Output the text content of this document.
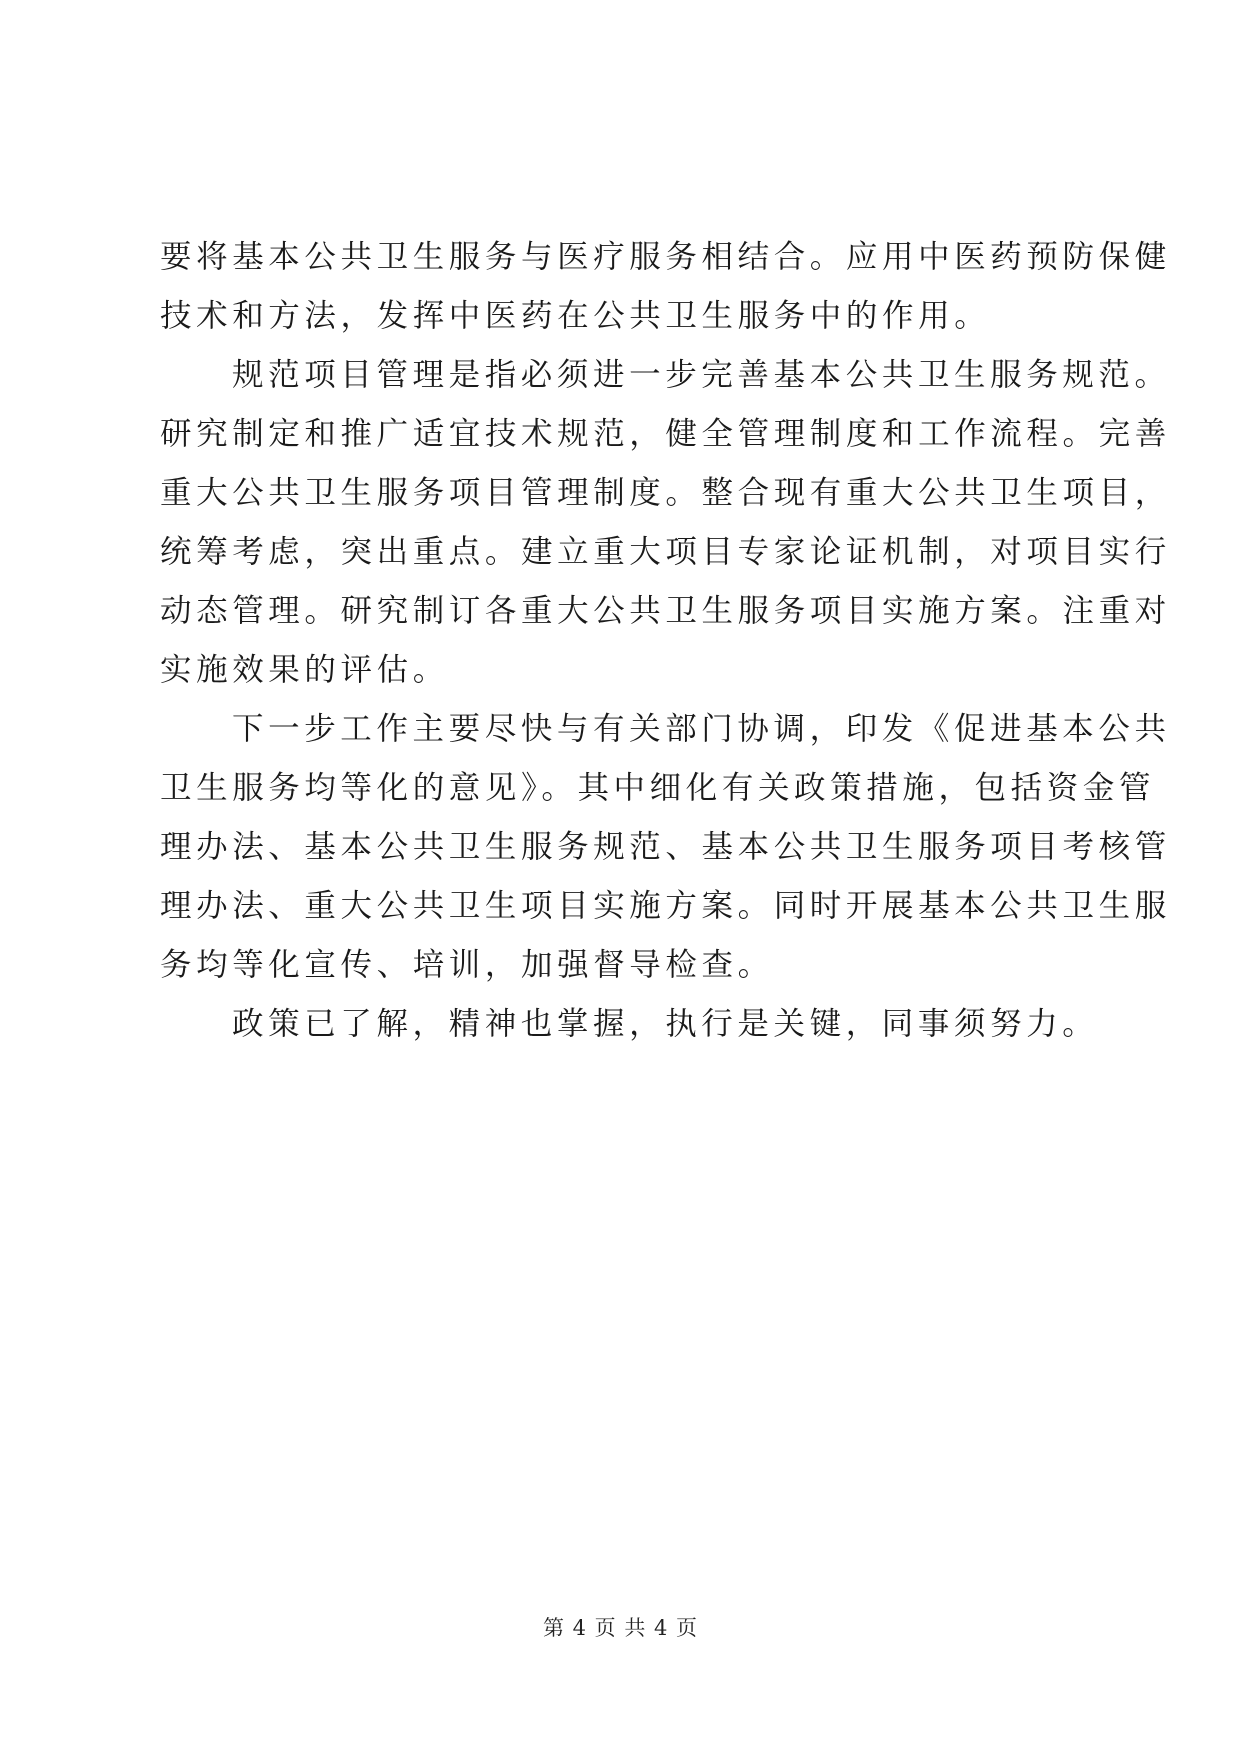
要将基本公共卫生服务与医疗服务相结合。应用中医药预防保健
技术和方法，发挥中医药在公共卫生服务中的作用。
规范项目管理是指必须进一步完善基本公共卫生服务规范。
研究制定和推广适宜技术规范，健全管理制度和工作流程。完善
重大公共卫生服务项目管理制度。整合现有重大公共卫生项目，
统筹考虑，突出重点。建立重大项目专家论证机制，对项目实行
动态管理。研究制订各重大公共卫生服务项目实施方案。注重对
实施效果的评估。
下一步工作主要尽快与有关部门协调，印发《促进基本公共
卫生服务均等化的意见》。其中细化有关政策措施，包括资金管
理办法、基本公共卫生服务规范、基本公共卫生服务项目考核管
理办法、重大公共卫生项目实施方案。同时开展基本公共卫生服
务均等化宣传、培训，加强督导检查。
政策已了解，精神也掌握，执行是关键，同事须努力。
第 4 页 共 4 页
